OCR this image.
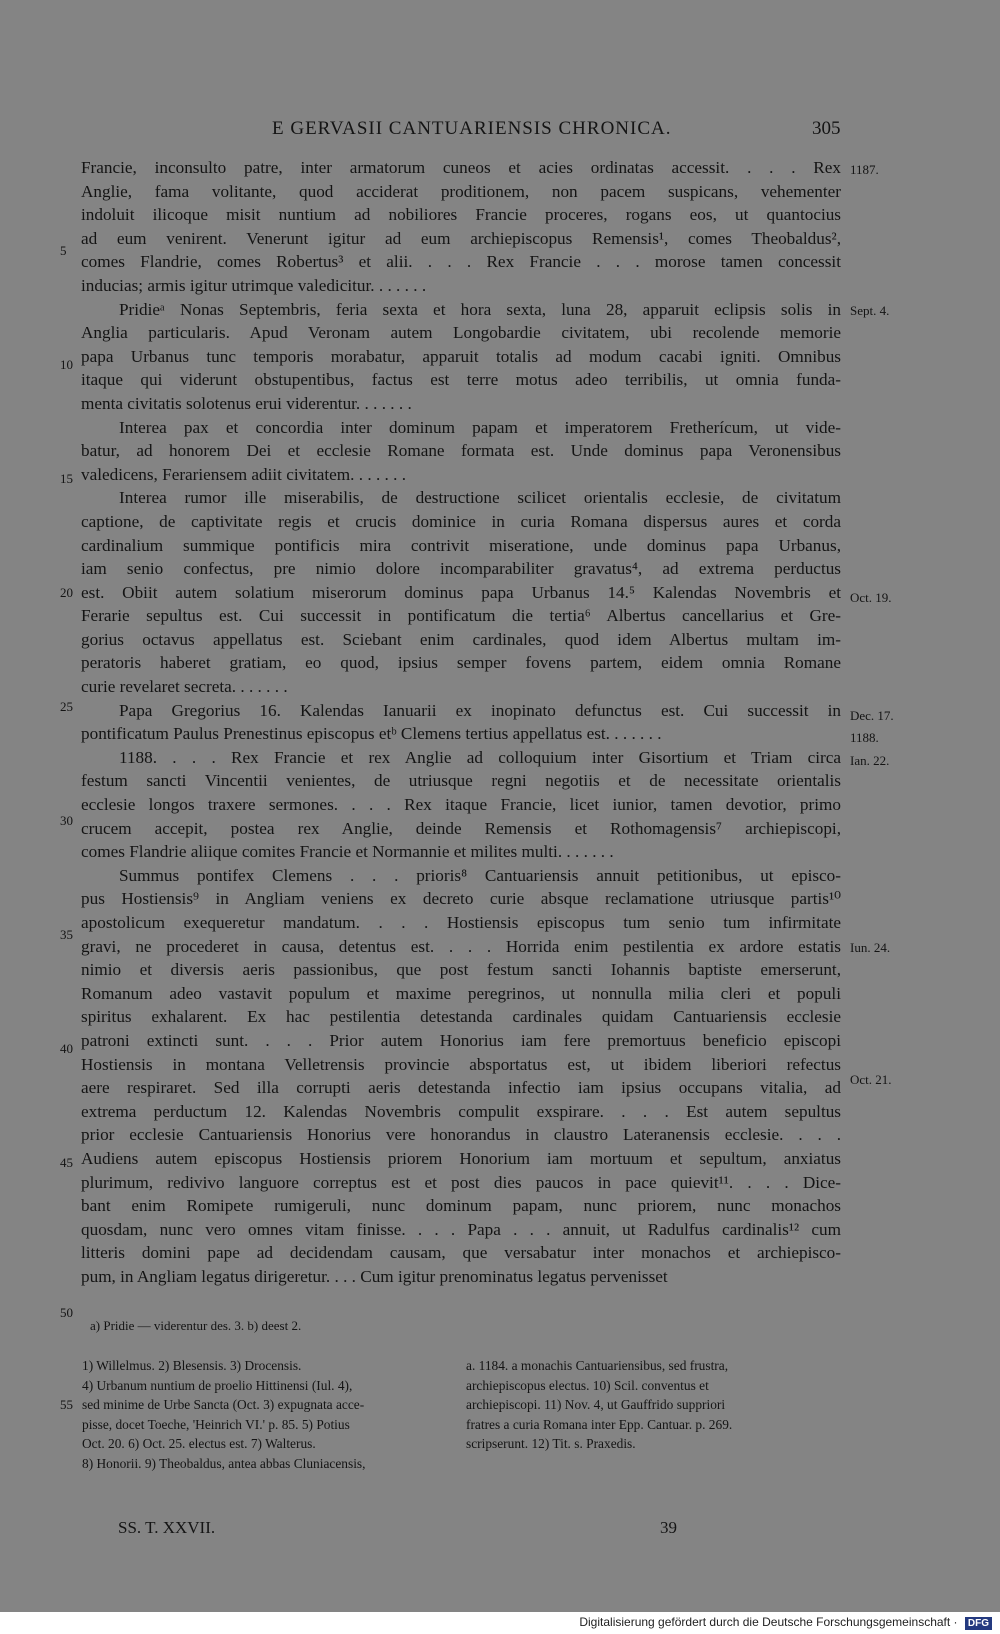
E GERVASII CANTUARIENSIS CHRONICA.	305
Francie, inconsulto patre, inter armatorum cuneos et acies ordinatas accessit. . . . Rex
Anglie, fama volitante, quod acciderat proditionem, non pacem suspicans, vehementer
indoluit ilicoque misit nuntium ad nobiliores Francie proceres, rogans eos, ut quantocius
ad eum venirent. Venerunt igitur ad eum archiepiscopus Remensis¹, comes Theobaldus²,
comes Flandrie, comes Robertus³ et alii. . . . Rex Francie . . . morose tamen concessit
inducias; armis igitur utrimque valedicitur. . . . . . .
Pridieᵃ Nonas Septembris, feria sexta et hora sexta, luna 28, apparuit eclipsis solis in
Anglia particularis. Apud Veronam autem Longobardie civitatem, ubi recolende memorie
papa Urbanus tunc temporis morabatur, apparuit totalis ad modum cacabi igniti. Omnibus
itaque qui viderunt obstupentibus, factus est terre motus adeo terribilis, ut omnia funda-
menta civitatis solotenus erui viderentur. . . . . . .
Interea pax et concordia inter dominum papam et imperatorem Fretherícum, ut vide-
batur, ad honorem Dei et ecclesie Romane formata est. Unde dominus papa Veronensibus
valedicens, Ferariensem adiit civitatem. . . . . . .
Interea rumor ille miserabilis, de destructione scilicet orientalis ecclesie, de civitatum
captione, de captivitate regis et crucis dominice in curia Romana dispersus aures et corda
cardinalium summique pontificis mira contrivit miseratione, unde dominus papa Urbanus,
iam senio confectus, pre nimio dolore incomparabiliter gravatus⁴, ad extrema perductus
est. Obiit autem solatium miserorum dominus papa Urbanus 14.⁵ Kalendas Novembris et
Ferarie sepultus est. Cui successit in pontificatum die tertia⁶ Albertus cancellarius et Gre-
gorius octavus appellatus est. Sciebant enim cardinales, quod idem Albertus multam im-
peratoris haberet gratiam, eo quod, ipsius semper fovens partem, eidem omnia Romane
curie revelaret secreta. . . . . . .
Papa Gregorius 16. Kalendas Ianuarii ex inopinato defunctus est. Cui successit in
pontificatum Paulus Prenestinus episcopus etᵇ Clemens tertius appellatus est. . . . . . .
1188. . . . Rex Francie et rex Anglie ad colloquium inter Gisortium et Triam circa
festum sancti Vincentii venientes, de utriusque regni negotiis et de necessitate orientalis
ecclesie longos traxere sermones. . . . Rex itaque Francie, licet iunior, tamen devotior, primo
crucem accepit, postea rex Anglie, deinde Remensis et Rothomagensis⁷ archiepiscopi,
comes Flandrie aliique comites Francie et Normannie et milites multi. . . . . . .
Summus pontifex Clemens . . . prioris⁸ Cantuariensis annuit petitionibus, ut episco-
pus Hostiensis⁹ in Angliam veniens ex decreto curie absque reclamatione utriusque partis¹⁰
apostolicum exequeretur mandatum. . . . Hostiensis episcopus tum senio tum infirmitate
gravi, ne procederet in causa, detentus est. . . . Horrida enim pestilentia ex ardore estatis
nimio et diversis aeris passionibus, que post festum sancti Iohannis baptiste emerserunt,
Romanum adeo vastavit populum et maxime peregrinos, ut nonnulla milia cleri et populi
spiritus exhalarent. Ex hac pestilentia detestanda cardinales quidam Cantuariensis ecclesie
patroni extincti sunt. . . . Prior autem Honorius iam fere premortuus beneficio episcopi
Hostiensis in montana Velletrensis provincie absportatus est, ut ibidem liberiori refectus
aere respiraret. Sed illa corrupti aeris detestanda infectio iam ipsius occupans vitalia, ad
extrema perductum 12. Kalendas Novembris compulit exspirare. . . . Est autem sepultus
prior ecclesie Cantuariensis Honorius vere honorandus in claustro Lateranensis ecclesie. . . .
Audiens autem episcopus Hostiensis priorem Honorium iam mortuum et sepultum, anxiatus
plurimum, redivivo languore correptus est et post dies paucos in pace quievit¹¹. . . . Dice-
bant enim Romipete rumigeruli, nunc dominum papam, nunc priorem, nunc monachos
quosdam, nunc vero omnes vitam finisse. . . . Papa . . . annuit, ut Radulfus cardinalis¹² cum
litteris domini pape ad decidendam causam, que versabatur inter monachos et archiepisco-
pum, in Angliam legatus dirigeretur. . . . Cum igitur prenominatus legatus pervenisset
5
10
15
20
25
30
35
40
45
50
55
1187.
Sept. 4.
Oct. 19.
Dec. 17.
1188.
Ian. 22.
Iun. 24.
Oct. 21.
a) Pridie — viderentur des. 3. b) deest 2.
1) Willelmus. 2) Blesensis. 3) Drocensis.
4) Urbanum nuntium de proelio Hittinensi (Iul. 4),
sed minime de Urbe Sancta (Oct. 3) expugnata acce-
pisse, docet Toeche, 'Heinrich VI.' p. 85. 5) Potius
Oct. 20. 6) Oct. 25. electus est. 7) Walterus.
8) Honorii. 9) Theobaldus, antea abbas Cluniacensis,
a. 1184. a monachis Cantuariensibus, sed frustra,
archiepiscopus electus. 10) Scil. conventus et
archiepiscopi. 11) Nov. 4, ut Gauffrido suppriori
fratres a curia Romana inter Epp. Cantuar. p. 269.
scripserunt. 12) Tit. s. Praxedis.
SS. T. XXVII.	39
Digitalisierung gefördert durch die Deutsche Forschungsgemeinschaft · DFG
